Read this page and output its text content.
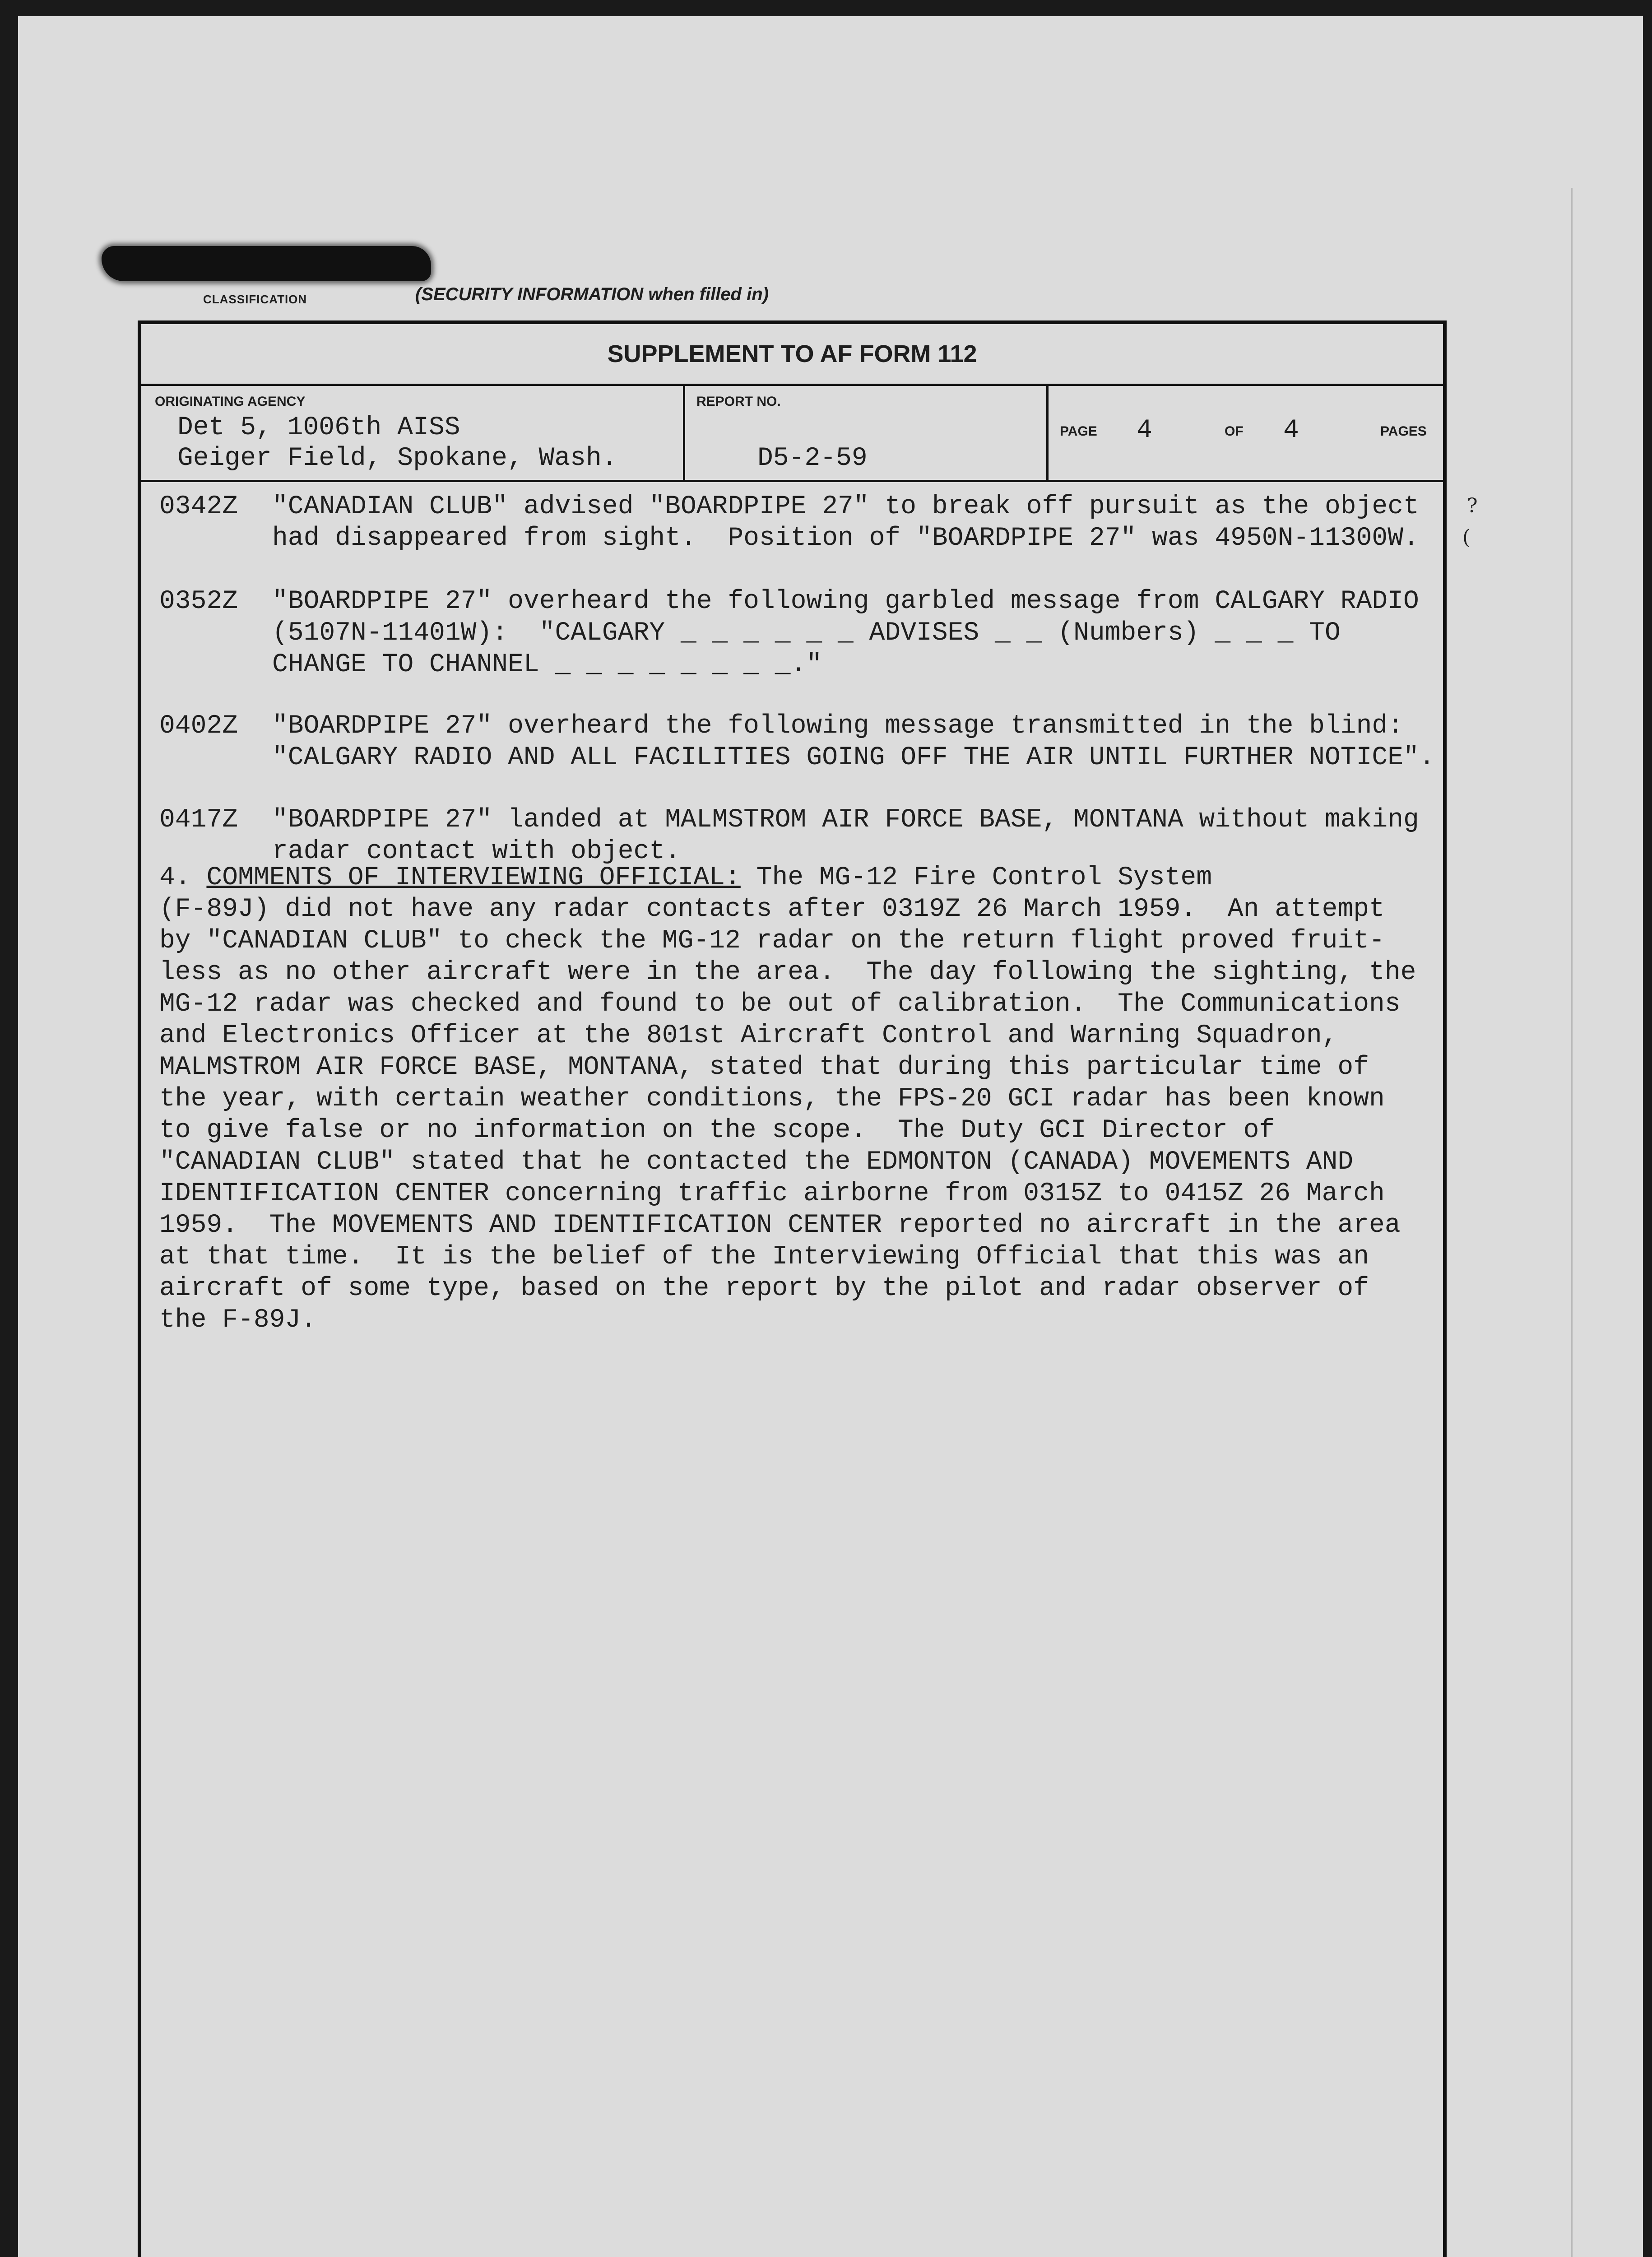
CLASSIFICATION	(SECURITY INFORMATION when filled in)
?
(
SUPPLEMENT TO AF FORM 112
ORIGINATING AGENCY
Det 5, 1006th AISS
Geiger Field, Spokane, Wash.
REPORT NO.
D5-2-59
PAGE 4	OF 4	PAGES

0342Z

"CANADIAN CLUB" advised "BOARDPIPE 27" to break off pursuit as the object

had disappeared from sight.  Position of "BOARDPIPE 27" was 4950N-11300W.

0352Z

"BOARDPIPE 27" overheard the following garbled message from CALGARY RADIO

(5107N-11401W):  "CALGARY _ _ _ _ _ _ ADVISES _ _ (Numbers) _ _ _ TO

CHANGE TO CHANNEL _ _ _ _ _ _ _ _."

0402Z

"BOARDPIPE 27" overheard the following message transmitted in the blind:

"CALGARY RADIO AND ALL FACILITIES GOING OFF THE AIR UNTIL FURTHER NOTICE".

0417Z

"BOARDPIPE 27" landed at MALMSTROM AIR FORCE BASE, MONTANA without making

radar contact with object.

4. COMMENTS OF INTERVIEWING OFFICIAL: The MG-12 Fire Control System

(F-89J) did not have any radar contacts after 0319Z 26 March 1959.  An attempt

by "CANADIAN CLUB" to check the MG-12 radar on the return flight proved fruit-

less as no other aircraft were in the area.  The day following the sighting, the

MG-12 radar was checked and found to be out of calibration.  The Communications

and Electronics Officer at the 801st Aircraft Control and Warning Squadron,

MALMSTROM AIR FORCE BASE, MONTANA, stated that during this particular time of

the year, with certain weather conditions, the FPS-20 GCI radar has been known

to give false or no information on the scope.  The Duty GCI Director of

"CANADIAN CLUB" stated that he contacted the EDMONTON (CANADA) MOVEMENTS AND

IDENTIFICATION CENTER concerning traffic airborne from 0315Z to 0415Z 26 March

1959.  The MOVEMENTS AND IDENTIFICATION CENTER reported no aircraft in the area

at that time.  It is the belief of the Interviewing Official that this was an

aircraft of some type, based on the report by the pilot and radar observer of

the F-89J.
